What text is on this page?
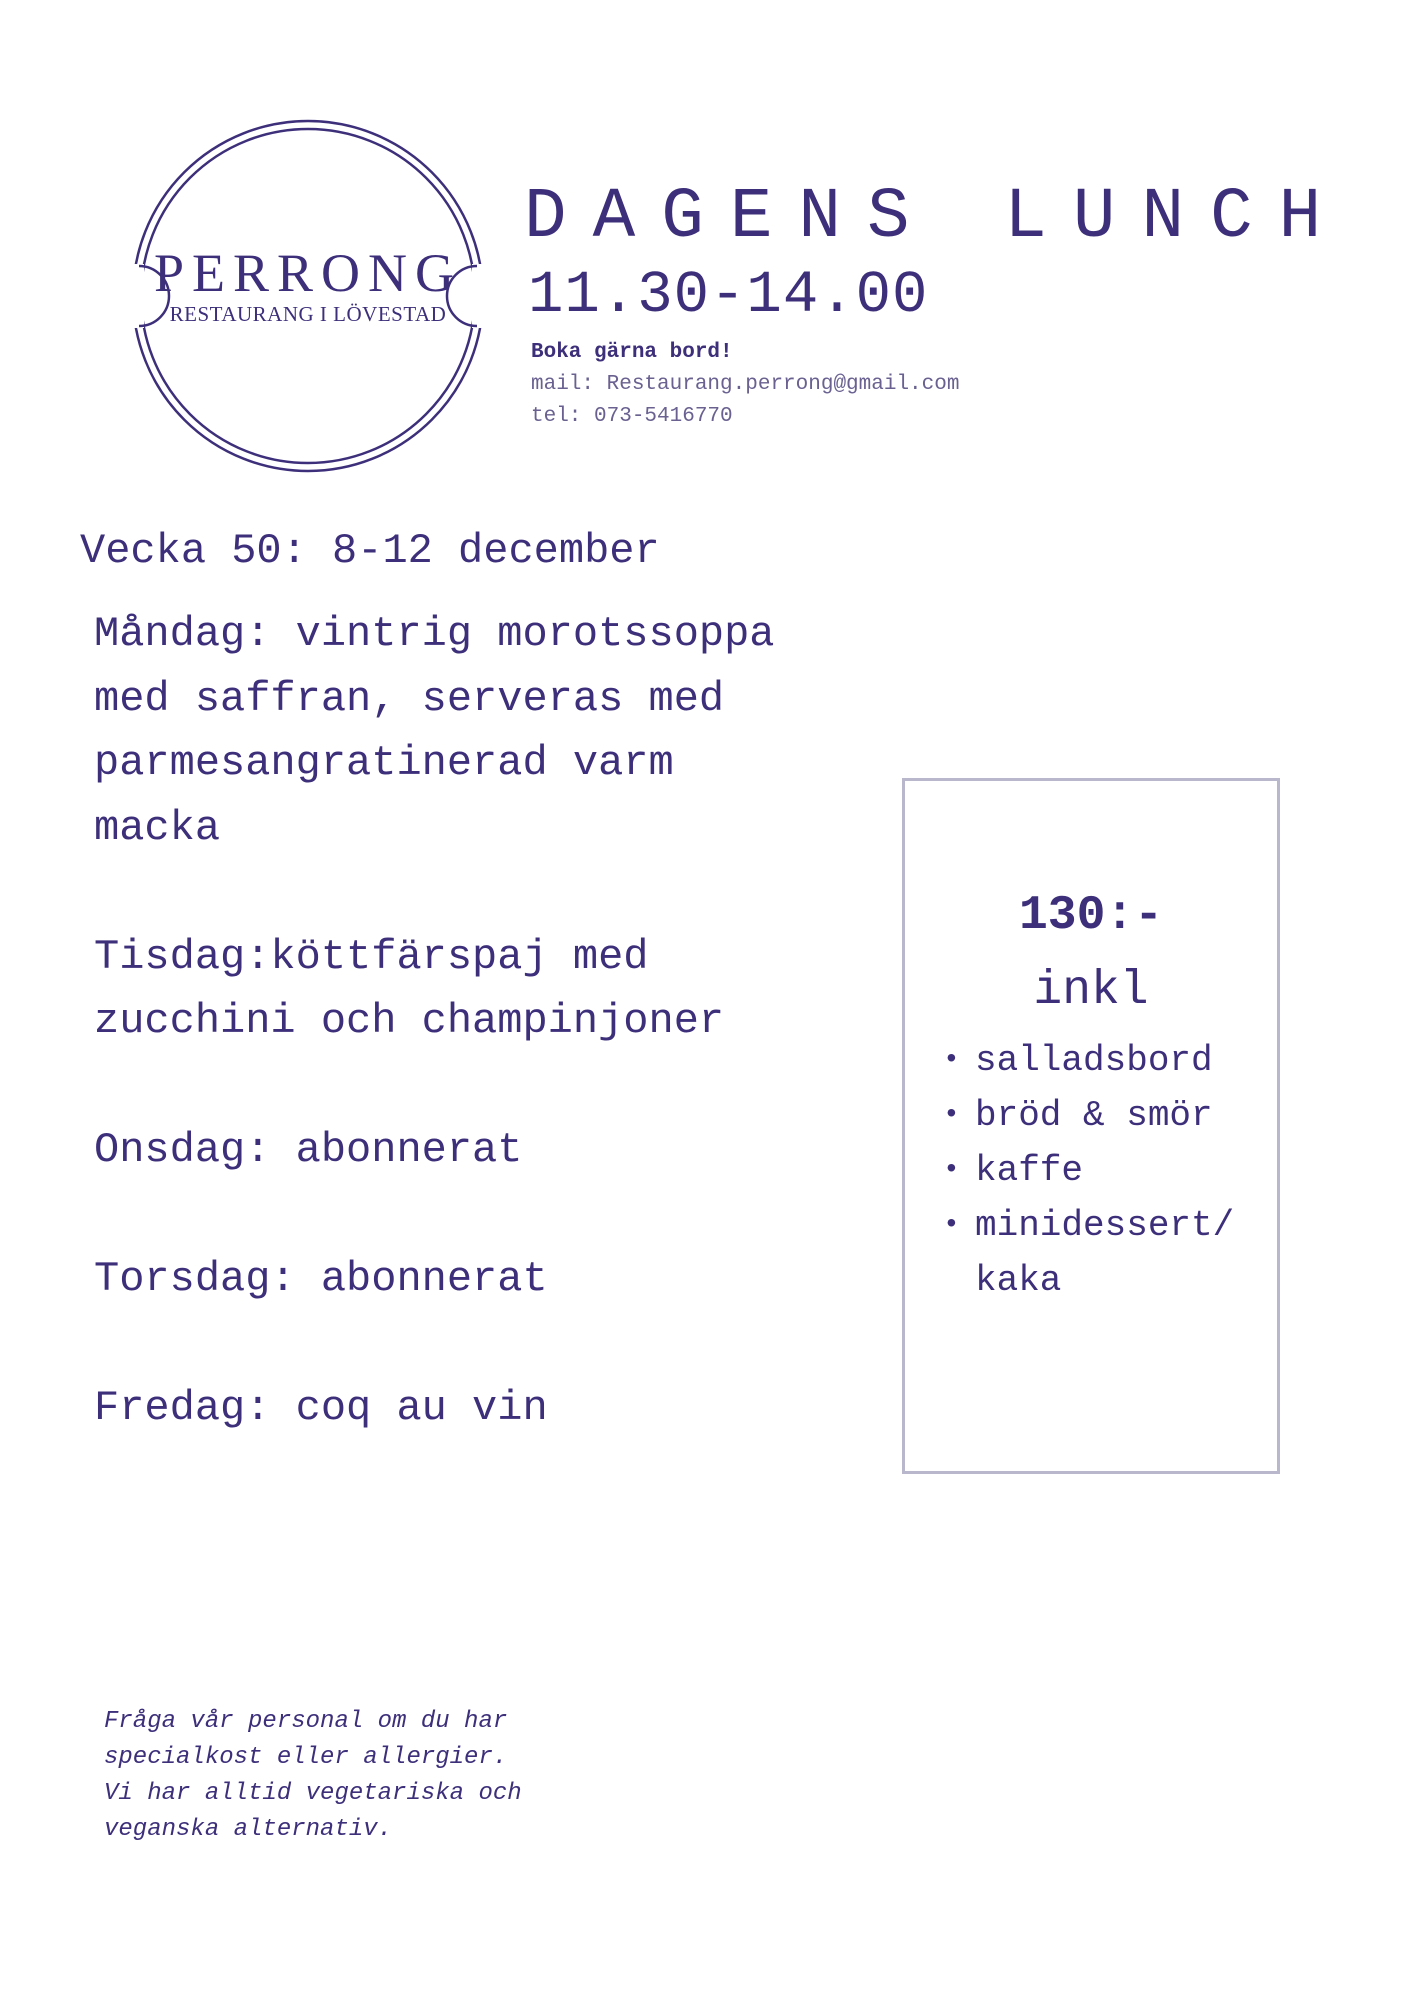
PERRONG
RESTAURANG I LÖVESTAD
DAGENS LUNCH
11.30-14.00
Boka gärna bord!
mail: Restaurang.perrong@gmail.com
tel: 073-5416770
Vecka 50: 8-12 december
Måndag: vintrig morotssoppa med saffran, serveras med parmesangratinerad varm macka
Tisdag:köttfärspaj med zucchini och champinjoner
Onsdag: abonnerat
Torsdag: abonnerat
Fredag: coq au vin
130:-
inkl
• salladsbord
• bröd & smör
• kaffe
• minidessert/ kaka
Fråga vår personal om du har
specialkost eller allergier.
Vi har alltid vegetariska och
veganska alternativ.
